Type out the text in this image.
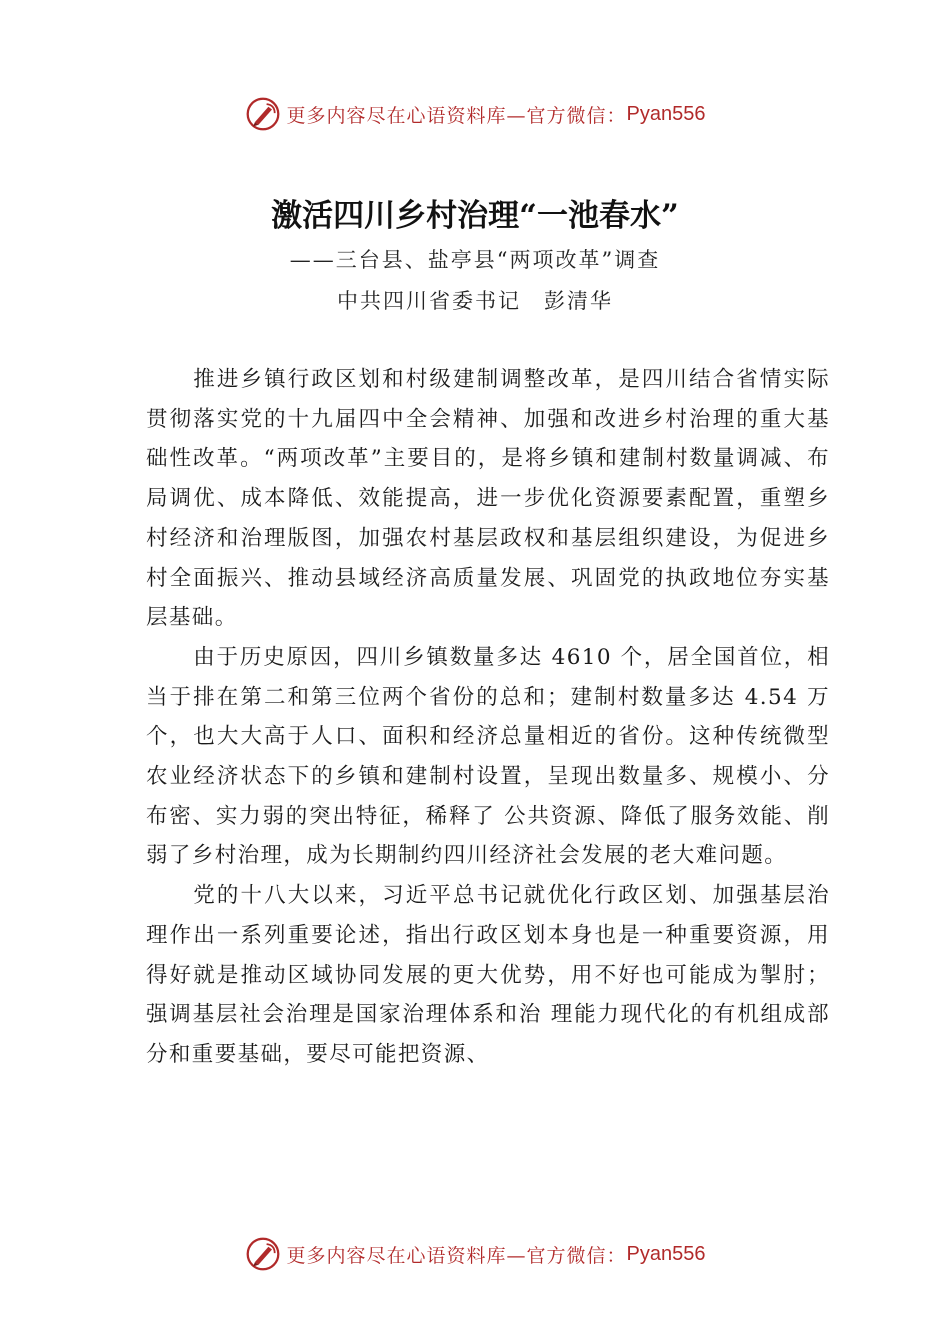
更多内容尽在心语资料库—官方微信： Pyan556
激活四川乡村治理“一池春水”
——三台县、盐亭县“两项改革”调查
中共四川省委书记　彭清华

推进乡镇行政区划和村级建制调整改革，是四川结合省情实际贯彻落实党的十九届四中全会精神、加强和改进乡村治理的重大基础性改革。“两项改革”主要目的，是将乡镇和建制村数量调减、布局调优、成本降低、效能提高，进一步优化资源要素配置，重塑乡村经济和治理版图，加强农村基层政权和基层组织建设，为促进乡村全面振兴、推动县域经济高质量发展、巩固党的执政地位夯实基层基础。

由于历史原因，四川乡镇数量多达 4610 个，居全国首位，相当于排在第二和第三位两个省份的总和；建制村数量多达 4.54 万个，也大大高于人口、面积和经济总量相近的省份。这种传统微型农业经济状态下的乡镇和建制村设置，呈现出数量多、规模小、分布密、实力弱的突出特征，稀释了 公共资源、降低了服务效能、削弱了乡村治理，成为长期制约四川经济社会发展的老大难问题。

党的十八大以来，习近平总书记就优化行政区划、加强基层治理作出一系列重要论述，指出行政区划本身也是一种重要资源，用得好就是推动区域协同发展的更大优势，用不好也可能成为掣肘；强调基层社会治理是国家治理体系和治 理能力现代化的有机组成部分和重要基础，要尽可能把资源、

更多内容尽在心语资料库—官方微信： Pyan556
